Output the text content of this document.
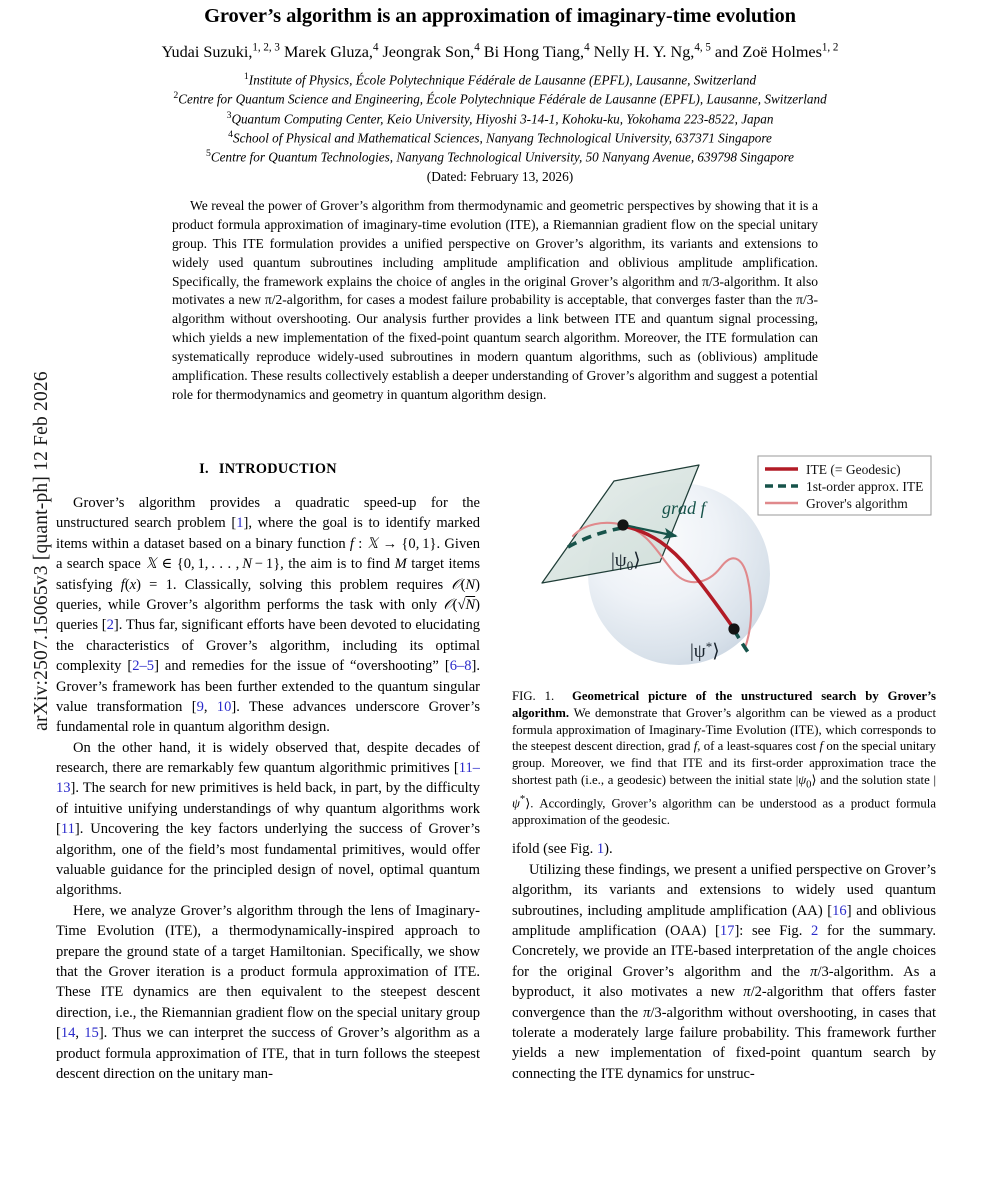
arXiv:2507.15065v3 [quant-ph] 12 Feb 2026
Grover’s algorithm is an approximation of imaginary-time evolution
Yudai Suzuki,$^{1, 2, 3}$ Marek Gluza,$^4$ Jeongrak Son,$^4$ Bi Hong Tiang,$^4$ Nelly H. Y. Ng,$^{4, 5}$ and Zoë Holmes$^{1, 2}$
$^1$Institute of Physics, École Polytechnique Fédérale de Lausanne (EPFL), Lausanne, Switzerland
$^2$Centre for Quantum Science and Engineering, École Polytechnique Fédérale de Lausanne (EPFL), Lausanne, Switzerland
$^3$Quantum Computing Center, Keio University, Hiyoshi 3-14-1, Kohoku-ku, Yokohama 223-8522, Japan
$^4$School of Physical and Mathematical Sciences, Nanyang Technological University, 637371 Singapore
$^5$Centre for Quantum Technologies, Nanyang Technological University, 50 Nanyang Avenue, 639798 Singapore
(Dated: February 13, 2026)
We reveal the power of Grover’s algorithm from thermodynamic and geometric perspectives by showing that it is a product formula approximation of imaginary-time evolution (ITE), a Riemannian gradient flow on the special unitary group. This ITE formulation provides a unified perspective on Grover’s algorithm, its variants and extensions to widely used quantum subroutines including amplitude amplification and oblivious amplitude amplification. Specifically, the framework explains the choice of angles in the original Grover’s algorithm and π/3-algorithm. It also motivates a new π/2-algorithm, for cases a modest failure probability is acceptable, that converges faster than the π/3-algorithm without overshooting. Our analysis further provides a link between ITE and quantum signal processing, which yields a new implementation of the fixed-point quantum search algorithm. Moreover, the ITE formulation can systematically reproduce widely-used subroutines in modern quantum algorithms, such as (oblivious) amplitude amplification. These results collectively establish a deeper understanding of Grover’s algorithm and suggest a potential role for thermodynamics and geometry in quantum algorithm design.
I. INTRODUCTION

Grover’s algorithm provides a quadratic speed-up for the unstructured search problem [1], where the goal is to identify marked items within a dataset based on a binary function f : 𝕏 → {0, 1}. Given a search space 𝕏 ∈ {0, 1, . . . , N − 1}, the aim is to find M target items satisfying f(x) = 1. Classically, solving this problem requires 𝒪(N) queries, while Grover’s algorithm performs the task with only 𝒪(√N) queries [2]. Thus far, significant efforts have been devoted to elucidating the characteristics of Grover’s algorithm, including its optimal complexity [2–5] and remedies for the issue of “overshooting” [6–8]. Grover’s framework has been further extended to the quantum singular value transformation [9, 10]. These advances underscore Grover’s fundamental role in quantum algorithm design.

On the other hand, it is widely observed that, despite decades of research, there are remarkably few quantum algorithmic primitives [11–13]. The search for new primitives is held back, in part, by the difficulty of intuitive unifying understandings of why quantum algorithms work [11]. Uncovering the key factors underlying the success of Grover’s algorithm, one of the field’s most fundamental primitives, would offer valuable guidance for the principled design of novel, optimal quantum algorithms.

Here, we analyze Grover’s algorithm through the lens of Imaginary-Time Evolution (ITE), a thermodynamically-inspired approach to prepare the ground state of a target Hamiltonian. Specifically, we show that the Grover iteration is a product formula approximation of ITE. These ITE dynamics are then equivalent to the steepest descent direction, i.e., the Riemannian gradient flow on the special unitary group [14, 15]. Thus we can interpret the success of Grover’s algorithm as a product formula approximation of ITE, that in turn follows the steepest descent direction on the unitary man-

grad f
$|\psi_0⟩$
|ψ*⟩
ITE (= Geodesic)
1st-order approx. ITE
Grover's algorithm

FIG. 1. Geometrical picture of the unstructured search by Grover’s algorithm. We demonstrate that Grover’s algorithm can be viewed as a product formula approximation of Imaginary-Time Evolution (ITE), which corresponds to the steepest descent direction, grad f, of a least-squares cost f on the special unitary group. Moreover, we find that ITE and its first-order approximation trace the shortest path (i.e., a geodesic) between the initial state $|\psi_0⟩$ and the solution state |ψ*⟩. Accordingly, Grover’s algorithm can be understood as a product formula approximation of the geodesic.

ifold (see Fig. 1).

Utilizing these findings, we present a unified perspective on Grover’s algorithm, its variants and extensions to widely used quantum subroutines, including amplitude amplification (AA) [16] and oblivious amplitude amplification (OAA) [17]: see Fig. 2 for the summary. Concretely, we provide an ITE-based interpretation of the angle choices for the original Grover’s algorithm and the π/3-algorithm. As a byproduct, it also motivates a new π/2-algorithm that offers faster convergence than the π/3-algorithm without overshooting, in cases that tolerate a moderately large failure probability. This framework further yields a new implementation of fixed-point quantum search by connecting the ITE dynamics for unstruc-
